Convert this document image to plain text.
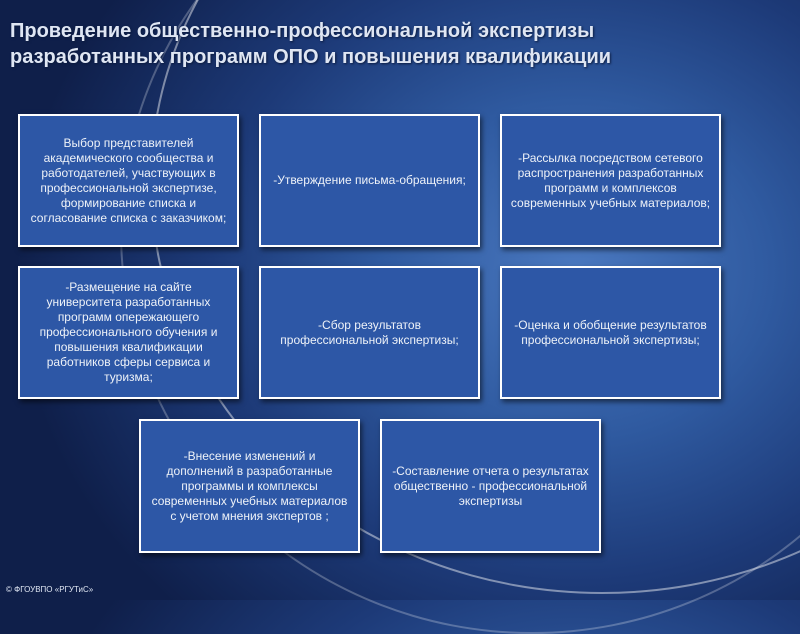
Проведение общественно-профессиональной экспертизы разработанных программ ОПО и повышения квалификации
Выбор представителей академического сообщества и работодателей, участвующих в профессиональной экспертизе, формирование списка и согласование списка с заказчиком;
-Утверждение письма-обращения;
-Рассылка посредством сетевого распространения разработанных программ и комплексов современных учебных материалов;
-Размещение на сайте университета разработанных программ опережающего профессионального обучения и повышения квалификации работников сферы сервиса и туризма;
-Сбор результатов профессиональной экспертизы;
-Оценка и обобщение результатов профессиональной экспертизы;
-Внесение изменений и дополнений в разработанные программы и комплексы современных учебных материалов с учетом мнения экспертов ;
-Составление отчета о результатах общественно - профессиональной экспертизы
© ФГОУВПО «РГУТиС»
